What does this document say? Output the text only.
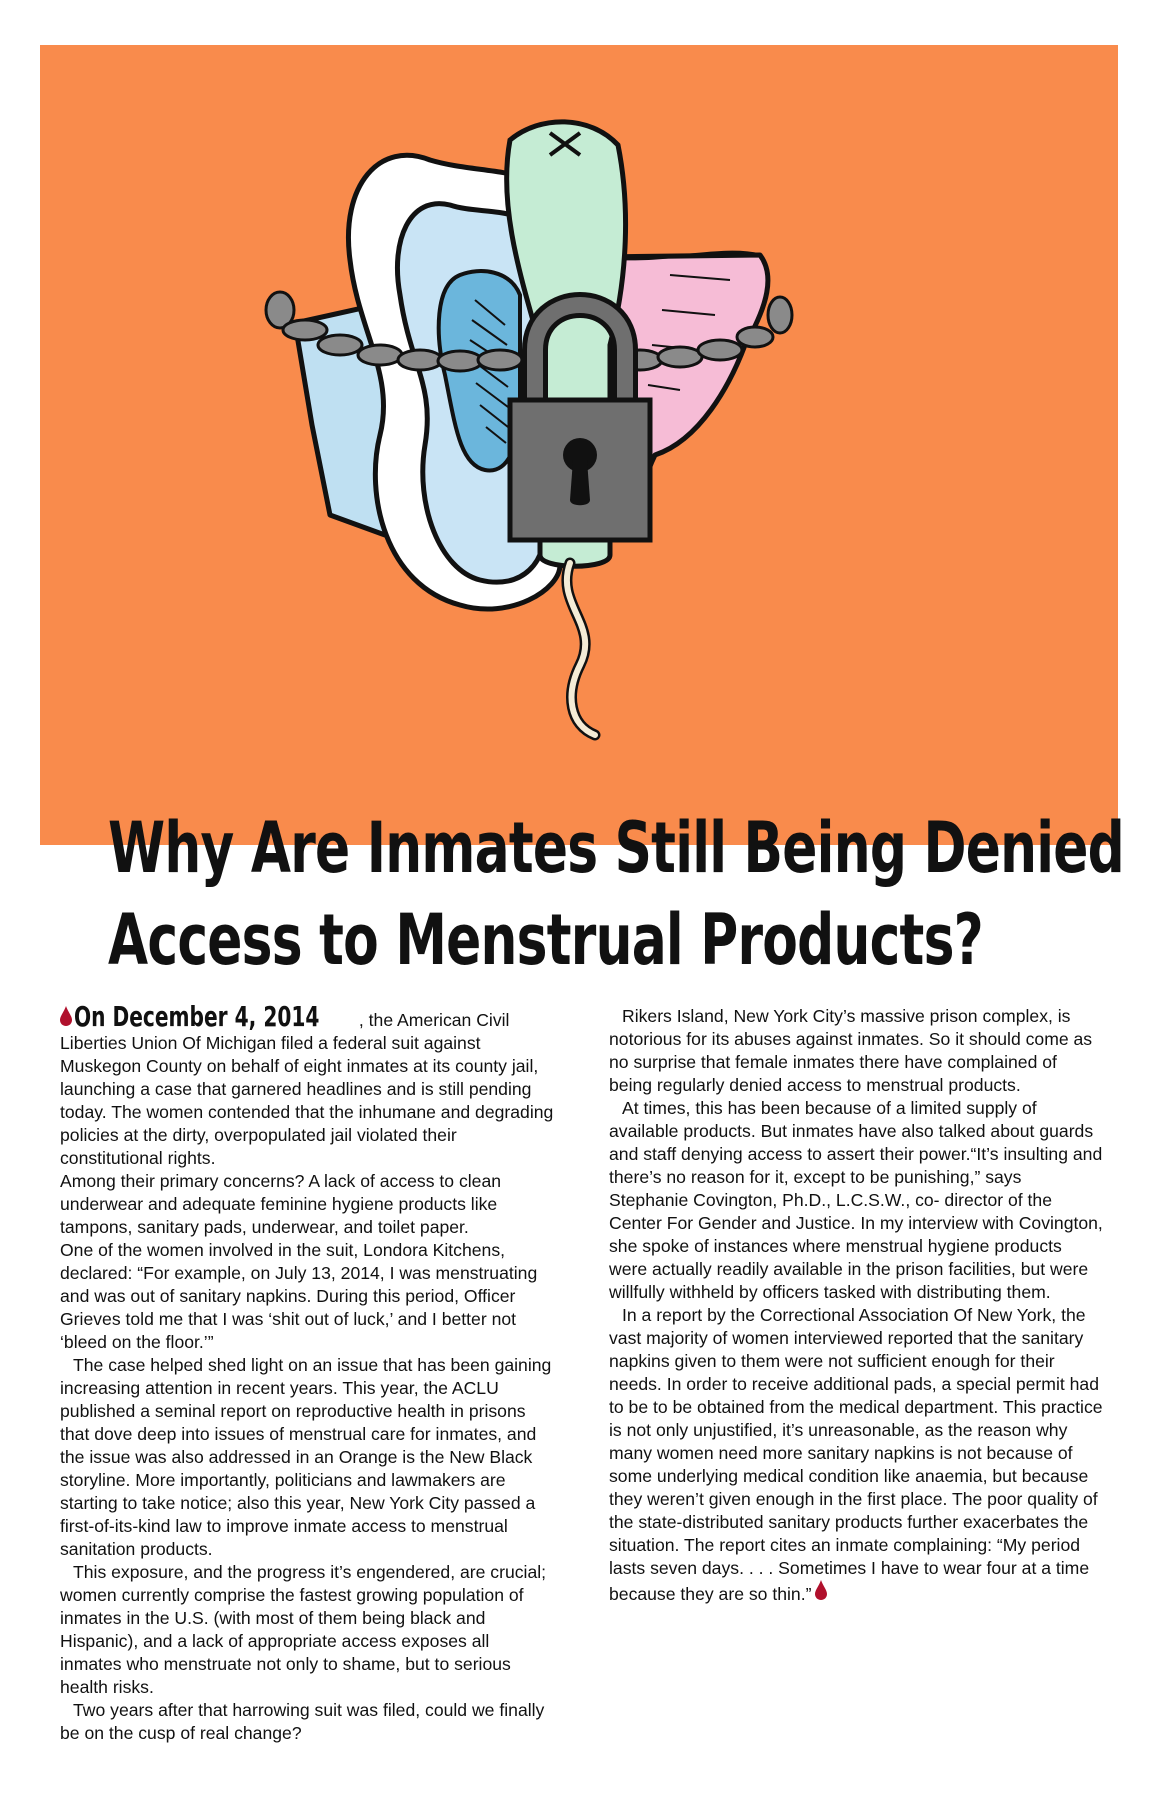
Why Are Inmates Still Being Denied
Access to Menstrual Products?

On December 4, 2014 , the American Civil Liberties Union Of Michigan filed a federal suit against Muskegon County on behalf of eight inmates at its county jail, launching a case that garnered headlines and is still pending today. The women contended that the inhumane and degrading policies at the dirty, overpopulated jail violated their constitutional rights.

Among their primary concerns? A lack of access to clean underwear and adequate feminine hygiene products like tampons, sanitary pads, underwear, and toilet paper.

One of the women involved in the suit, Londora Kitchens, declared: “For example, on July 13, 2014, I was menstruating and was out of sanitary napkins. During this period, Officer Grieves told me that I was ‘shit out of luck,’ and I better not ‘bleed on the floor.’”

The case helped shed light on an issue that has been gaining increasing attention in recent years. This year, the ACLU published a seminal report on reproductive health in prisons that dove deep into issues of menstrual care for inmates, and the issue was also addressed in an Orange is the New Black storyline. More importantly, politicians and lawmakers are starting to take notice; also this year, New York City passed a first-of-its-kind law to improve inmate access to menstrual sanitation products.

This exposure, and the progress it’s engendered, are crucial; women currently comprise the fastest growing population of inmates in the U.S. (with most of them being black and Hispanic), and a lack of appropriate access exposes all inmates who menstruate not only to shame, but to serious health risks.

Two years after that harrowing suit was filed, could we finally be on the cusp of real change?

Rikers Island, New York City’s massive prison complex, is notorious for its abuses against inmates. So it should come as no surprise that female inmates there have complained of being regularly denied access to menstrual products.

At times, this has been because of a limited supply of available products. But inmates have also talked about guards and staff denying access to assert their power.“It’s insulting and there’s no reason for it, except to be punishing,” says Stephanie Covington, Ph.D., L.C.S.W., co- director of the Center For Gender and Justice. In my interview with Covington, she spoke of instances where menstrual hygiene products were actually readily available in the prison facilities, but were willfully withheld by officers tasked with distributing them.

In a report by the Correctional Association Of New York, the vast majority of women interviewed reported that the sanitary napkins given to them were not sufficient enough for their needs. In order to receive additional pads, a special permit had to be to be obtained from the medical department. This practice is not only unjustified, it’s unreasonable, as the reason why many women need more sanitary napkins is not because of some underlying medical condition like anaemia, but because they weren’t given enough in the first place. The poor quality of the state-distributed sanitary products further exacerbates the situation. The report cites an inmate complaining: “My period lasts seven days. . . . Sometimes I have to wear four at a time because they are so thin.”
